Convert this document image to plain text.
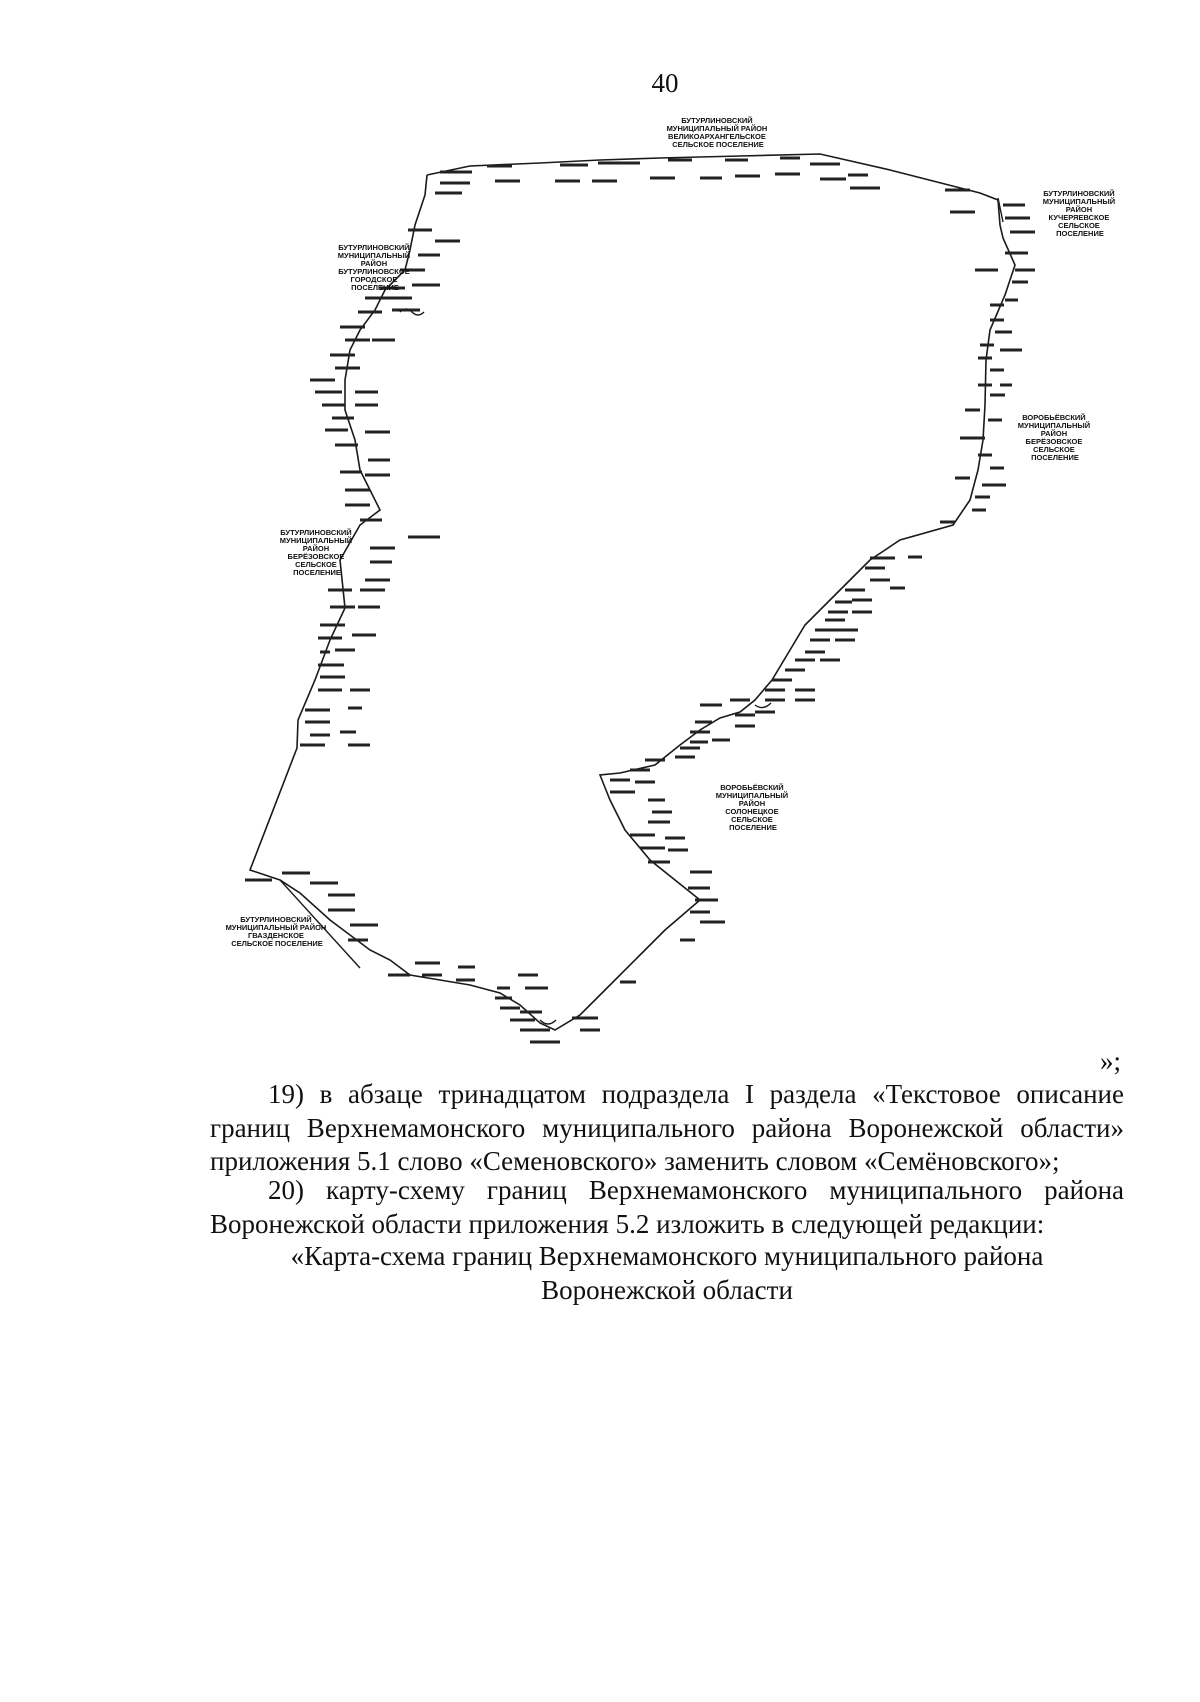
40
БУТУРЛИНОВСКИЙ МУНИЦИПАЛЬНЫЙ РАЙОН ВЕЛИКОАРХАНГЕЛЬСКОЕ СЕЛЬСКОЕ ПОСЕЛЕНИЕ
БУТУРЛИНОВСКИЙ МУНИЦИПАЛЬНЫЙ РАЙОН КУЧЕРЯЕВСКОЕ СЕЛЬСКОЕ ПОСЕЛЕНИЕ
БУТУРЛИНОВСКИЙ МУНИЦИПАЛЬНЫЙ РАЙОН БУТУРЛИНОВСКОЕ ГОРОДСКОЕ ПОСЕЛЕНИЕ
ВОРОБЬЁВСКИЙ МУНИЦИПАЛЬНЫЙ РАЙОН БЕРЁЗОВСКОЕ СЕЛЬСКОЕ ПОСЕЛЕНИЕ
БУТУРЛИНОВСКИЙ МУНИЦИПАЛЬНЫЙ РАЙОН БЕРЁЗОВСКОЕ СЕЛЬСКОЕ ПОСЕЛЕНИЕ
ВОРОБЬЁВСКИЙ МУНИЦИПАЛЬНЫЙ РАЙОН СОЛОНЕЦКОЕ СЕЛЬСКОЕ ПОСЕЛЕНИЕ
БУТУРЛИНОВСКИЙ МУНИЦИПАЛЬНЫЙ РАЙОН ГВАЗДЕНСКОЕ СЕЛЬСКОЕ ПОСЕЛЕНИЕ
»;
19) в абзаце тринадцатом подраздела I раздела «Текстовое описание границ Верхнемамонского муниципального района Воронежской области» приложения 5.1 слово «Семеновского» заменить словом «Семёновского»;
20) карту-схему границ Верхнемамонского муниципального района Воронежской области приложения 5.2 изложить в следующей редакции:
«Карта-схема границ Верхнемамонского муниципального района
Воронежской области
